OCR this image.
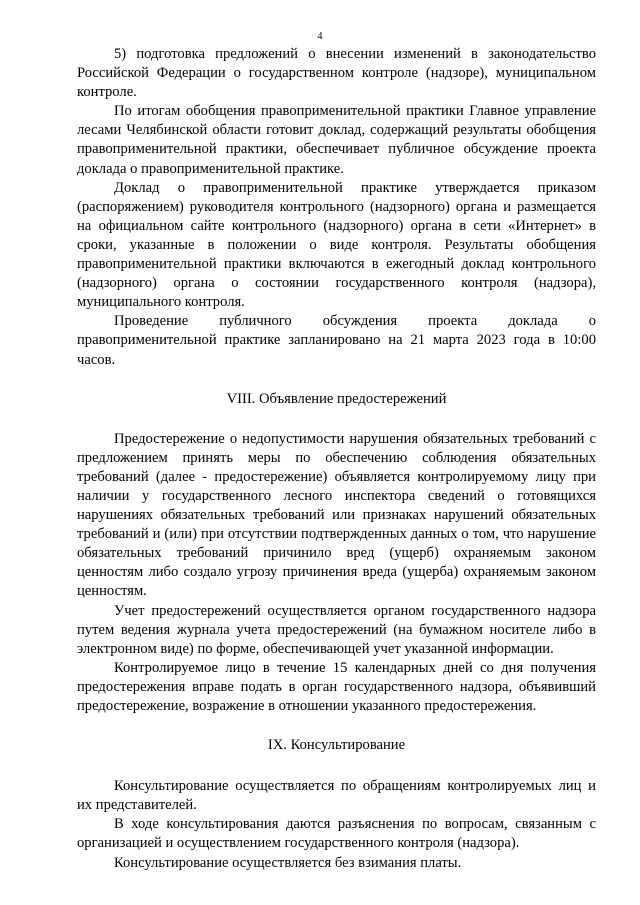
4

5) подготовка предложений о внесении изменений в законодательство Российской Федерации о государственном контроле (надзоре), муниципальном контроле.

По итогам обобщения правоприменительной практики Главное управление лесами Челябинской области готовит доклад, содержащий результаты обобщения правоприменительной практики, обеспечивает публичное обсуждение проекта доклада о правоприменительной практике.

Доклад о правоприменительной практике утверждается приказом (распоряжением) руководителя контрольного (надзорного) органа и размещается на официальном сайте контрольного (надзорного) органа в сети «Интернет» в сроки, указанные в положении о виде контроля. Результаты обобщения правоприменительной практики включаются в ежегодный доклад контрольного (надзорного) органа о состоянии государственного контроля (надзора), муниципального контроля.

Проведение публичного обсуждения проекта доклада о правоприменительной практике запланировано на 21 марта 2023 года в 10:00 часов.

VIII. Объявление предостережений

Предостережение о недопустимости нарушения обязательных требований с предложением принять меры по обеспечению соблюдения обязательных требований (далее - предостережение) объявляется контролируемому лицу при наличии у государственного лесного инспектора сведений о готовящихся нарушениях обязательных требований или признаках нарушений обязательных требований и (или) при отсутствии подтвержденных данных о том, что нарушение обязательных требований причинило вред (ущерб) охраняемым законом ценностям либо создало угрозу причинения вреда (ущерба) охраняемым законом ценностям.

Учет предостережений осуществляется органом государственного надзора путем ведения журнала учета предостережений (на бумажном носителе либо в электронном виде) по форме, обеспечивающей учет указанной информации.

Контролируемое лицо в течение 15 календарных дней со дня получения предостережения вправе подать в орган государственного надзора, объявивший предостережение, возражение в отношении указанного предостережения.

IX. Консультирование

Консультирование осуществляется по обращениям контролируемых лиц и их представителей.

В ходе консультирования даются разъяснения по вопросам, связанным с организацией и осуществлением государственного контроля (надзора).

Консультирование осуществляется без взимания платы.
